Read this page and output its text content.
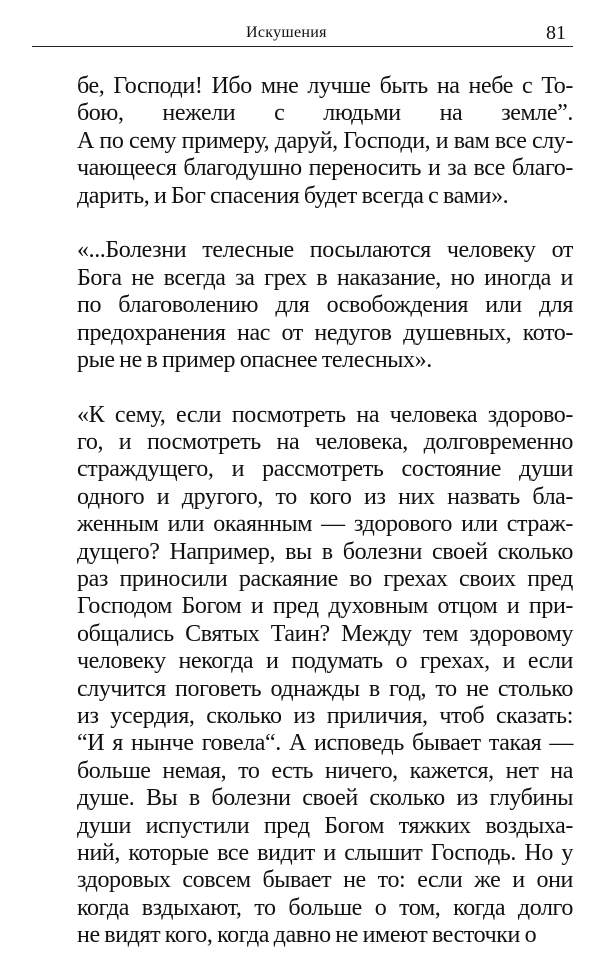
Искушения	81
бе, Господи! Ибо мне лучше быть на небе с То-
бою, нежели с людьми на земле”.
А по сему примеру, даруй, Господи, и вам все слу-
чающееся благодушно переносить и за все благо-
дарить, и Бог спасения будет всегда с вами».
«...Болезни телесные посылаются человеку от
Бога не всегда за грех в наказание, но иногда и
по благоволению для освобождения или для
предохранения нас от недугов душевных, кото-
рые не в пример опаснее телесных».
«К сему, если посмотреть на человека здорово-
го, и посмотреть на человека, долговременно
страждущего, и рассмотреть состояние души
одного и другого, то кого из них назвать бла-
женным или окаянным — здорового или страж-
дущего? Например, вы в болезни своей сколько
раз приносили раскаяние во грехах своих пред
Господом Богом и пред духовным отцом и при-
общались Святых Таин? Между тем здоровому
человеку некогда и подумать о грехах, и если
случится поговеть однажды в год, то не столько
из усердия, сколько из приличия, чтоб сказать:
“И я нынче говела“. А исповедь бывает такая —
больше немая, то есть ничего, кажется, нет на
душе. Вы в болезни своей сколько из глубины
души испустили пред Богом тяжких воздыха-
ний, которые все видит и слышит Господь. Но у
здоровых совсем бывает не то: если же и они
когда вздыхают, то больше о том, когда долго
не видят кого, когда давно не имеют весточки о
